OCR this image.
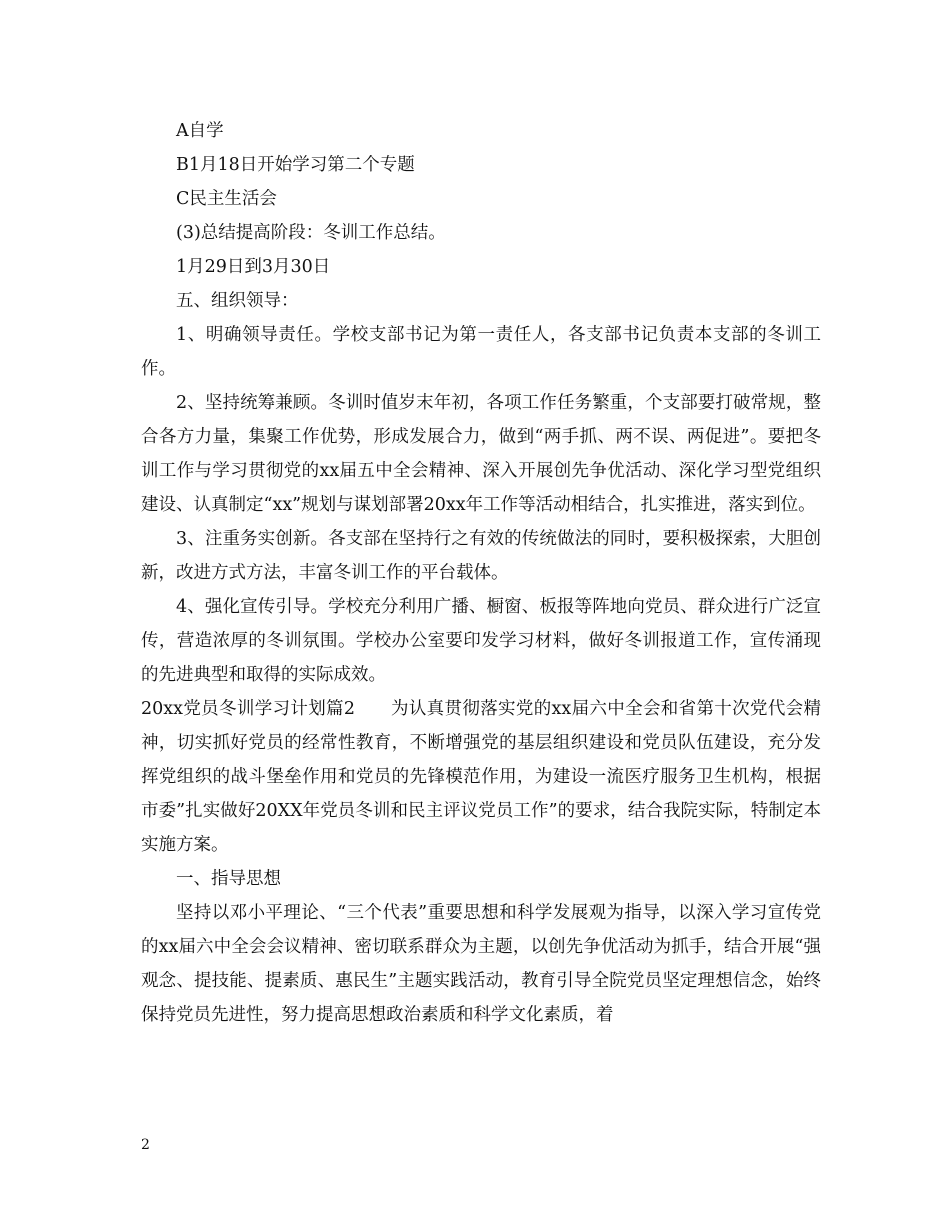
A自学

B1月18日开始学习第二个专题

C民主生活会

(3)总结提高阶段：冬训工作总结。

1月29日到3月30日

五、组织领导：

1、明确领导责任。学校支部书记为第一责任人，各支部书记负责本支部的冬训工作。

2、坚持统筹兼顾。冬训时值岁末年初，各项工作任务繁重，个支部要打破常规，整合各方力量，集聚工作优势，形成发展合力，做到“两手抓、两不误、两促进”。要把冬训工作与学习贯彻党的xx届五中全会精神、深入开展创先争优活动、深化学习型党组织建设、认真制定“xx”规划与谋划部署20xx年工作等活动相结合，扎实推进，落实到位。

3、注重务实创新。各支部在坚持行之有效的传统做法的同时，要积极探索，大胆创新，改进方式方法，丰富冬训工作的平台载体。

4、强化宣传引导。学校充分利用广播、橱窗、板报等阵地向党员、群众进行广泛宣传，营造浓厚的冬训氛围。学校办公室要印发学习材料，做好冬训报道工作，宣传涌现的先进典型和取得的实际成效。

20xx党员冬训学习计划篇2　　为认真贯彻落实党的xx届六中全会和省第十次党代会精神，切实抓好党员的经常性教育，不断增强党的基层组织建设和党员队伍建设，充分发挥党组织的战斗堡垒作用和党员的先锋模范作用，为建设一流医疗服务卫生机构，根据市委”扎实做好20XX年党员冬训和民主评议党员工作”的要求，结合我院实际，特制定本实施方案。

一、指导思想

坚持以邓小平理论、“三个代表”重要思想和科学发展观为指导，以深入学习宣传党的xx届六中全会会议精神、密切联系群众为主题，以创先争优活动为抓手，结合开展“强观念、提技能、提素质、惠民生”主题实践活动，教育引导全院党员坚定理想信念，始终保持党员先进性，努力提高思想政治素质和科学文化素质，着

2
